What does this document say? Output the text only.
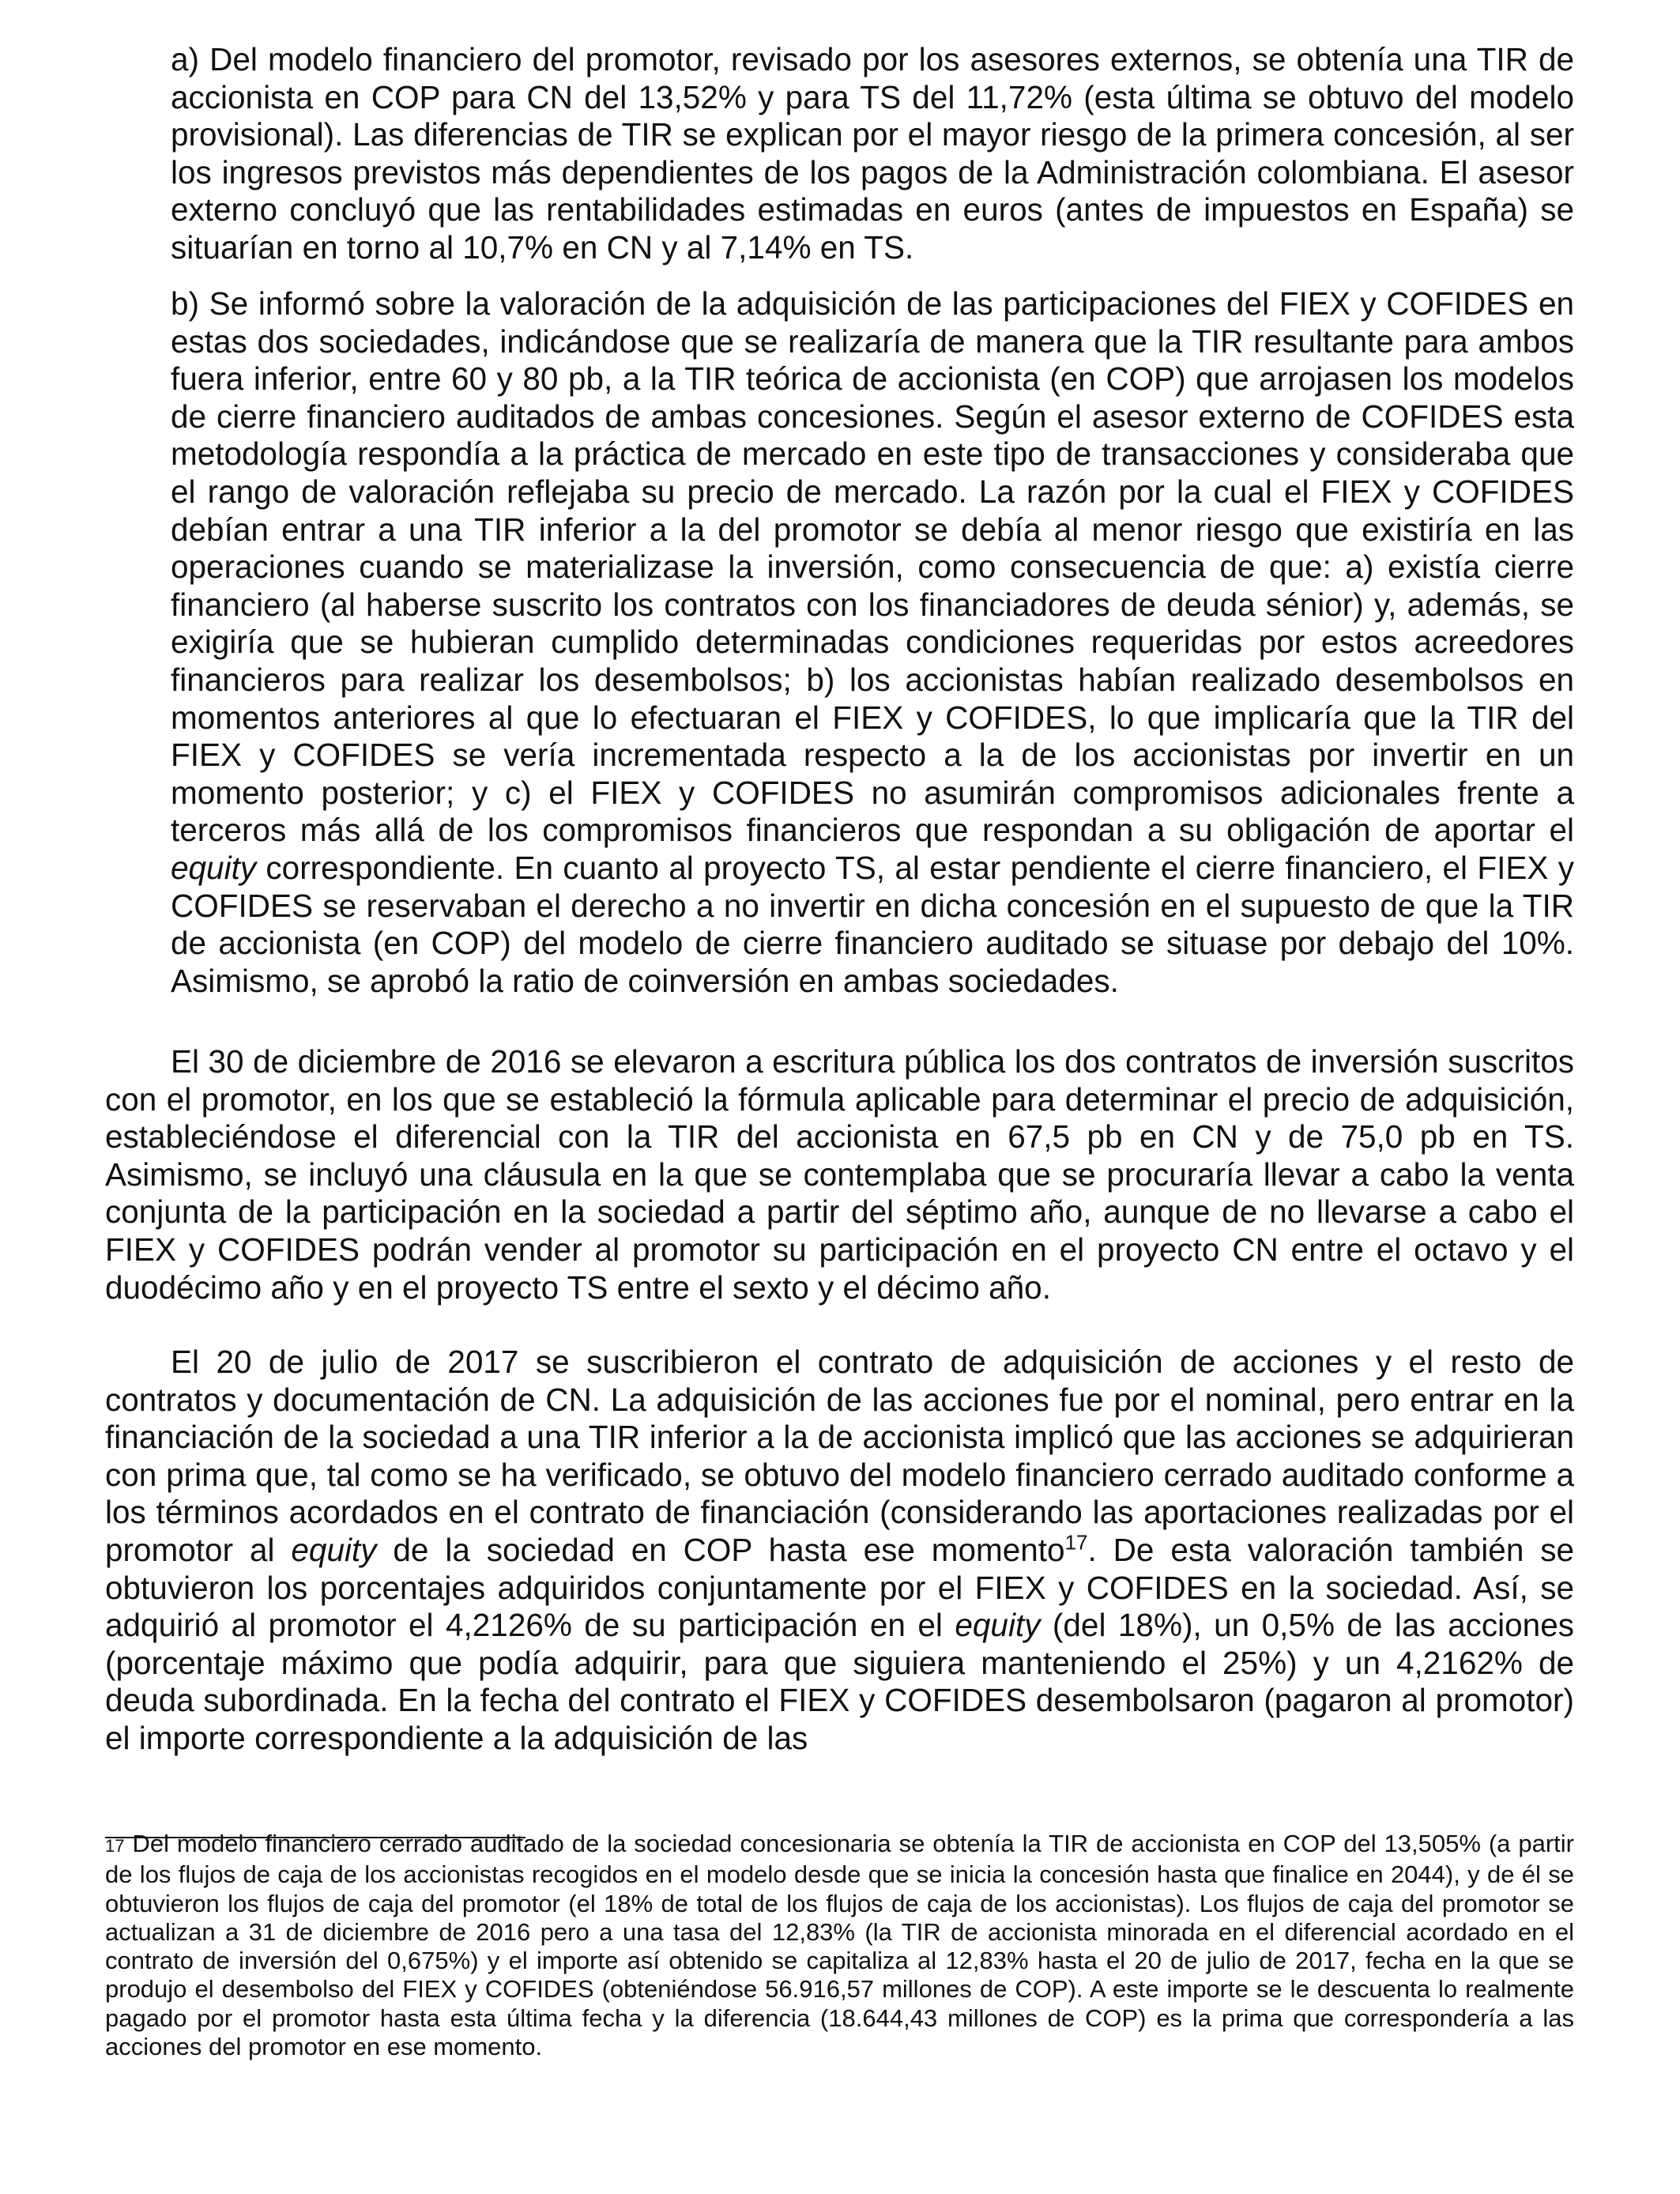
a) Del modelo financiero del promotor, revisado por los asesores externos, se obtenía una TIR de accionista en COP para CN del 13,52% y para TS del 11,72% (esta última se obtuvo del modelo provisional). Las diferencias de TIR se explican por el mayor riesgo de la primera concesión, al ser los ingresos previstos más dependientes de los pagos de la Administración colombiana. El asesor externo concluyó que las rentabilidades estimadas en euros (antes de impuestos en España) se situarían en torno al 10,7% en CN y al 7,14% en TS.

b) Se informó sobre la valoración de la adquisición de las participaciones del FIEX y COFIDES en estas dos sociedades, indicándose que se realizaría de manera que la TIR resultante para ambos fuera inferior, entre 60 y 80 pb, a la TIR teórica de accionista (en COP) que arrojasen los modelos de cierre financiero auditados de ambas concesiones. Según el asesor externo de COFIDES esta metodología respondía a la práctica de mercado en este tipo de transacciones y consideraba que el rango de valoración reflejaba su precio de mercado. La razón por la cual el FIEX y COFIDES debían entrar a una TIR inferior a la del promotor se debía al menor riesgo que existiría en las operaciones cuando se materializase la inversión, como consecuencia de que: a) existía cierre financiero (al haberse suscrito los contratos con los financiadores de deuda sénior) y, además, se exigiría que se hubieran cumplido determinadas condiciones requeridas por estos acreedores financieros para realizar los desembolsos; b) los accionistas habían realizado desembolsos en momentos anteriores al que lo efectuaran el FIEX y COFIDES, lo que implicaría que la TIR del FIEX y COFIDES se vería incrementada respecto a la de los accionistas por invertir en un momento posterior; y c) el FIEX y COFIDES no asumirán compromisos adicionales frente a terceros más allá de los compromisos financieros que respondan a su obligación de aportar el equity correspondiente. En cuanto al proyecto TS, al estar pendiente el cierre financiero, el FIEX y COFIDES se reservaban el derecho a no invertir en dicha concesión en el supuesto de que la TIR de accionista (en COP) del modelo de cierre financiero auditado se situase por debajo del 10%. Asimismo, se aprobó la ratio de coinversión en ambas sociedades.

El 30 de diciembre de 2016 se elevaron a escritura pública los dos contratos de inversión suscritos con el promotor, en los que se estableció la fórmula aplicable para determinar el precio de adquisición, estableciéndose el diferencial con la TIR del accionista en 67,5 pb en CN y de 75,0 pb en TS. Asimismo, se incluyó una cláusula en la que se contemplaba que se procuraría llevar a cabo la venta conjunta de la participación en la sociedad a partir del séptimo año, aunque de no llevarse a cabo el FIEX y COFIDES podrán vender al promotor su participación en el proyecto CN entre el octavo y el duodécimo año y en el proyecto TS entre el sexto y el décimo año.

El 20 de julio de 2017 se suscribieron el contrato de adquisición de acciones y el resto de contratos y documentación de CN. La adquisición de las acciones fue por el nominal, pero entrar en la financiación de la sociedad a una TIR inferior a la de accionista implicó que las acciones se adquirieran con prima que, tal como se ha verificado, se obtuvo del modelo financiero cerrado auditado conforme a los términos acordados en el contrato de financiación (considerando las aportaciones realizadas por el promotor al equity de la sociedad en COP hasta ese momento$^{17}$. De esta valoración también se obtuvieron los porcentajes adquiridos conjuntamente por el FIEX y COFIDES en la sociedad. Así, se adquirió al promotor el 4,2126% de su participación en el equity (del 18%), un 0,5% de las acciones (porcentaje máximo que podía adquirir, para que siguiera manteniendo el 25%) y un 4,2162% de deuda subordinada. En la fecha del contrato el FIEX y COFIDES desembolsaron (pagaron al promotor) el importe correspondiente a la adquisición de las

17 Del modelo financiero cerrado auditado de la sociedad concesionaria se obtenía la TIR de accionista en COP del 13,505% (a partir de los flujos de caja de los accionistas recogidos en el modelo desde que se inicia la concesión hasta que finalice en 2044), y de él se obtuvieron los flujos de caja del promotor (el 18% de total de los flujos de caja de los accionistas). Los flujos de caja del promotor se actualizan a 31 de diciembre de 2016 pero a una tasa del 12,83% (la TIR de accionista minorada en el diferencial acordado en el contrato de inversión del 0,675%) y el importe así obtenido se capitaliza al 12,83% hasta el 20 de julio de 2017, fecha en la que se produjo el desembolso del FIEX y COFIDES (obteniéndose 56.916,57 millones de COP). A este importe se le descuenta lo realmente pagado por el promotor hasta esta última fecha y la diferencia (18.644,43 millones de COP) es la prima que correspondería a las acciones del promotor en ese momento.
